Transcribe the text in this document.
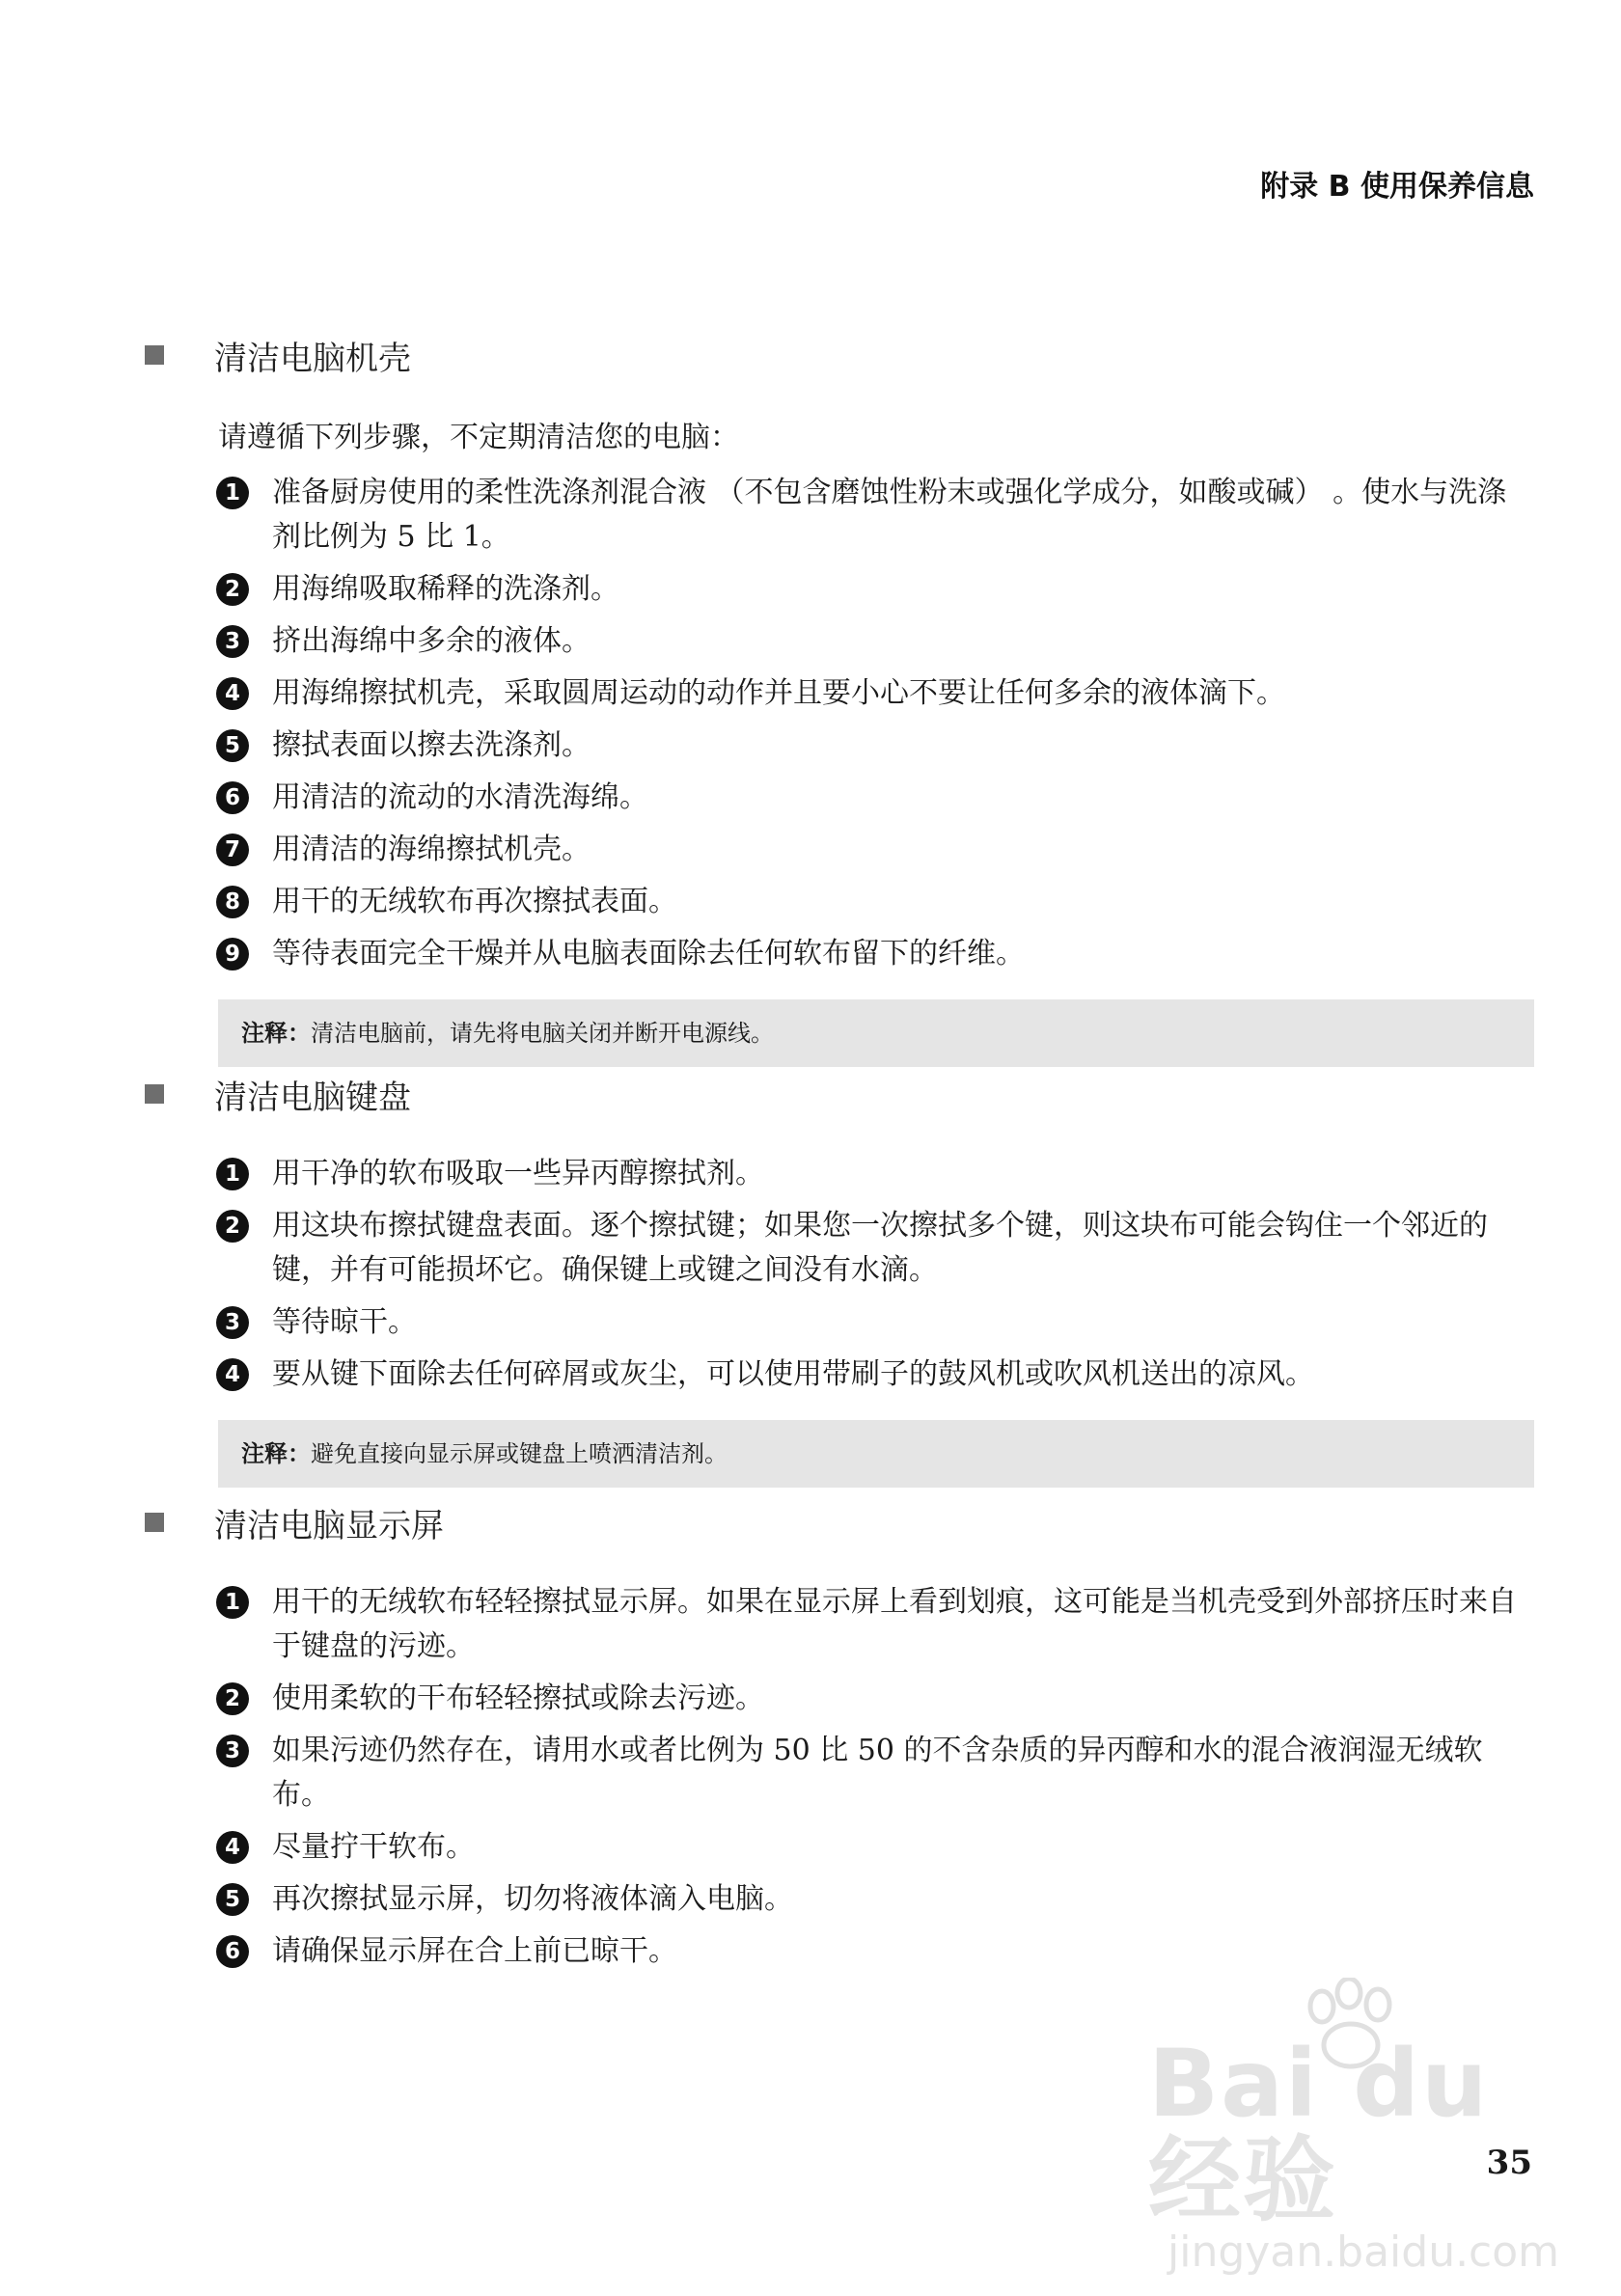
附录 B 使用保养信息
清洁电脑机壳
请遵循下列步骤，不定期清洁您的电脑：
1	准备厨房使用的柔性洗涤剂混合液 （不包含磨蚀性粉末或强化学成分，如酸或碱） 。使水与洗涤剂比例为 5 比 1。
2	用海绵吸取稀释的洗涤剂。
3	挤出海绵中多余的液体。
4	用海绵擦拭机壳，采取圆周运动的动作并且要小心不要让任何多余的液体滴下。
5	擦拭表面以擦去洗涤剂。
6	用清洁的流动的水清洗海绵。
7	用清洁的海绵擦拭机壳。
8	用干的无绒软布再次擦拭表面。
9	等待表面完全干燥并从电脑表面除去任何软布留下的纤维。
注释：清洁电脑前，请先将电脑关闭并断开电源线。
清洁电脑键盘
1	用干净的软布吸取一些异丙醇擦拭剂。
2	用这块布擦拭键盘表面。逐个擦拭键；如果您一次擦拭多个键，则这块布可能会钩住一个邻近的键，并有可能损坏它。确保键上或键之间没有水滴。
3	等待晾干。
4	要从键下面除去任何碎屑或灰尘，可以使用带刷子的鼓风机或吹风机送出的凉风。
注释：避免直接向显示屏或键盘上喷洒清洁剂。
清洁电脑显示屏
1	用干的无绒软布轻轻擦拭显示屏。如果在显示屏上看到划痕，这可能是当机壳受到外部挤压时来自于键盘的污迹。
2	使用柔软的干布轻轻擦拭或除去污迹。
3	如果污迹仍然存在，请用水或者比例为 50 比 50 的不含杂质的异丙醇和水的混合液润湿无绒软布。
4	尽量拧干软布。
5	再次擦拭显示屏，切勿将液体滴入电脑。
6	请确保显示屏在合上前已晾干。
Bai du 经验
jingyan.baidu.com
35
